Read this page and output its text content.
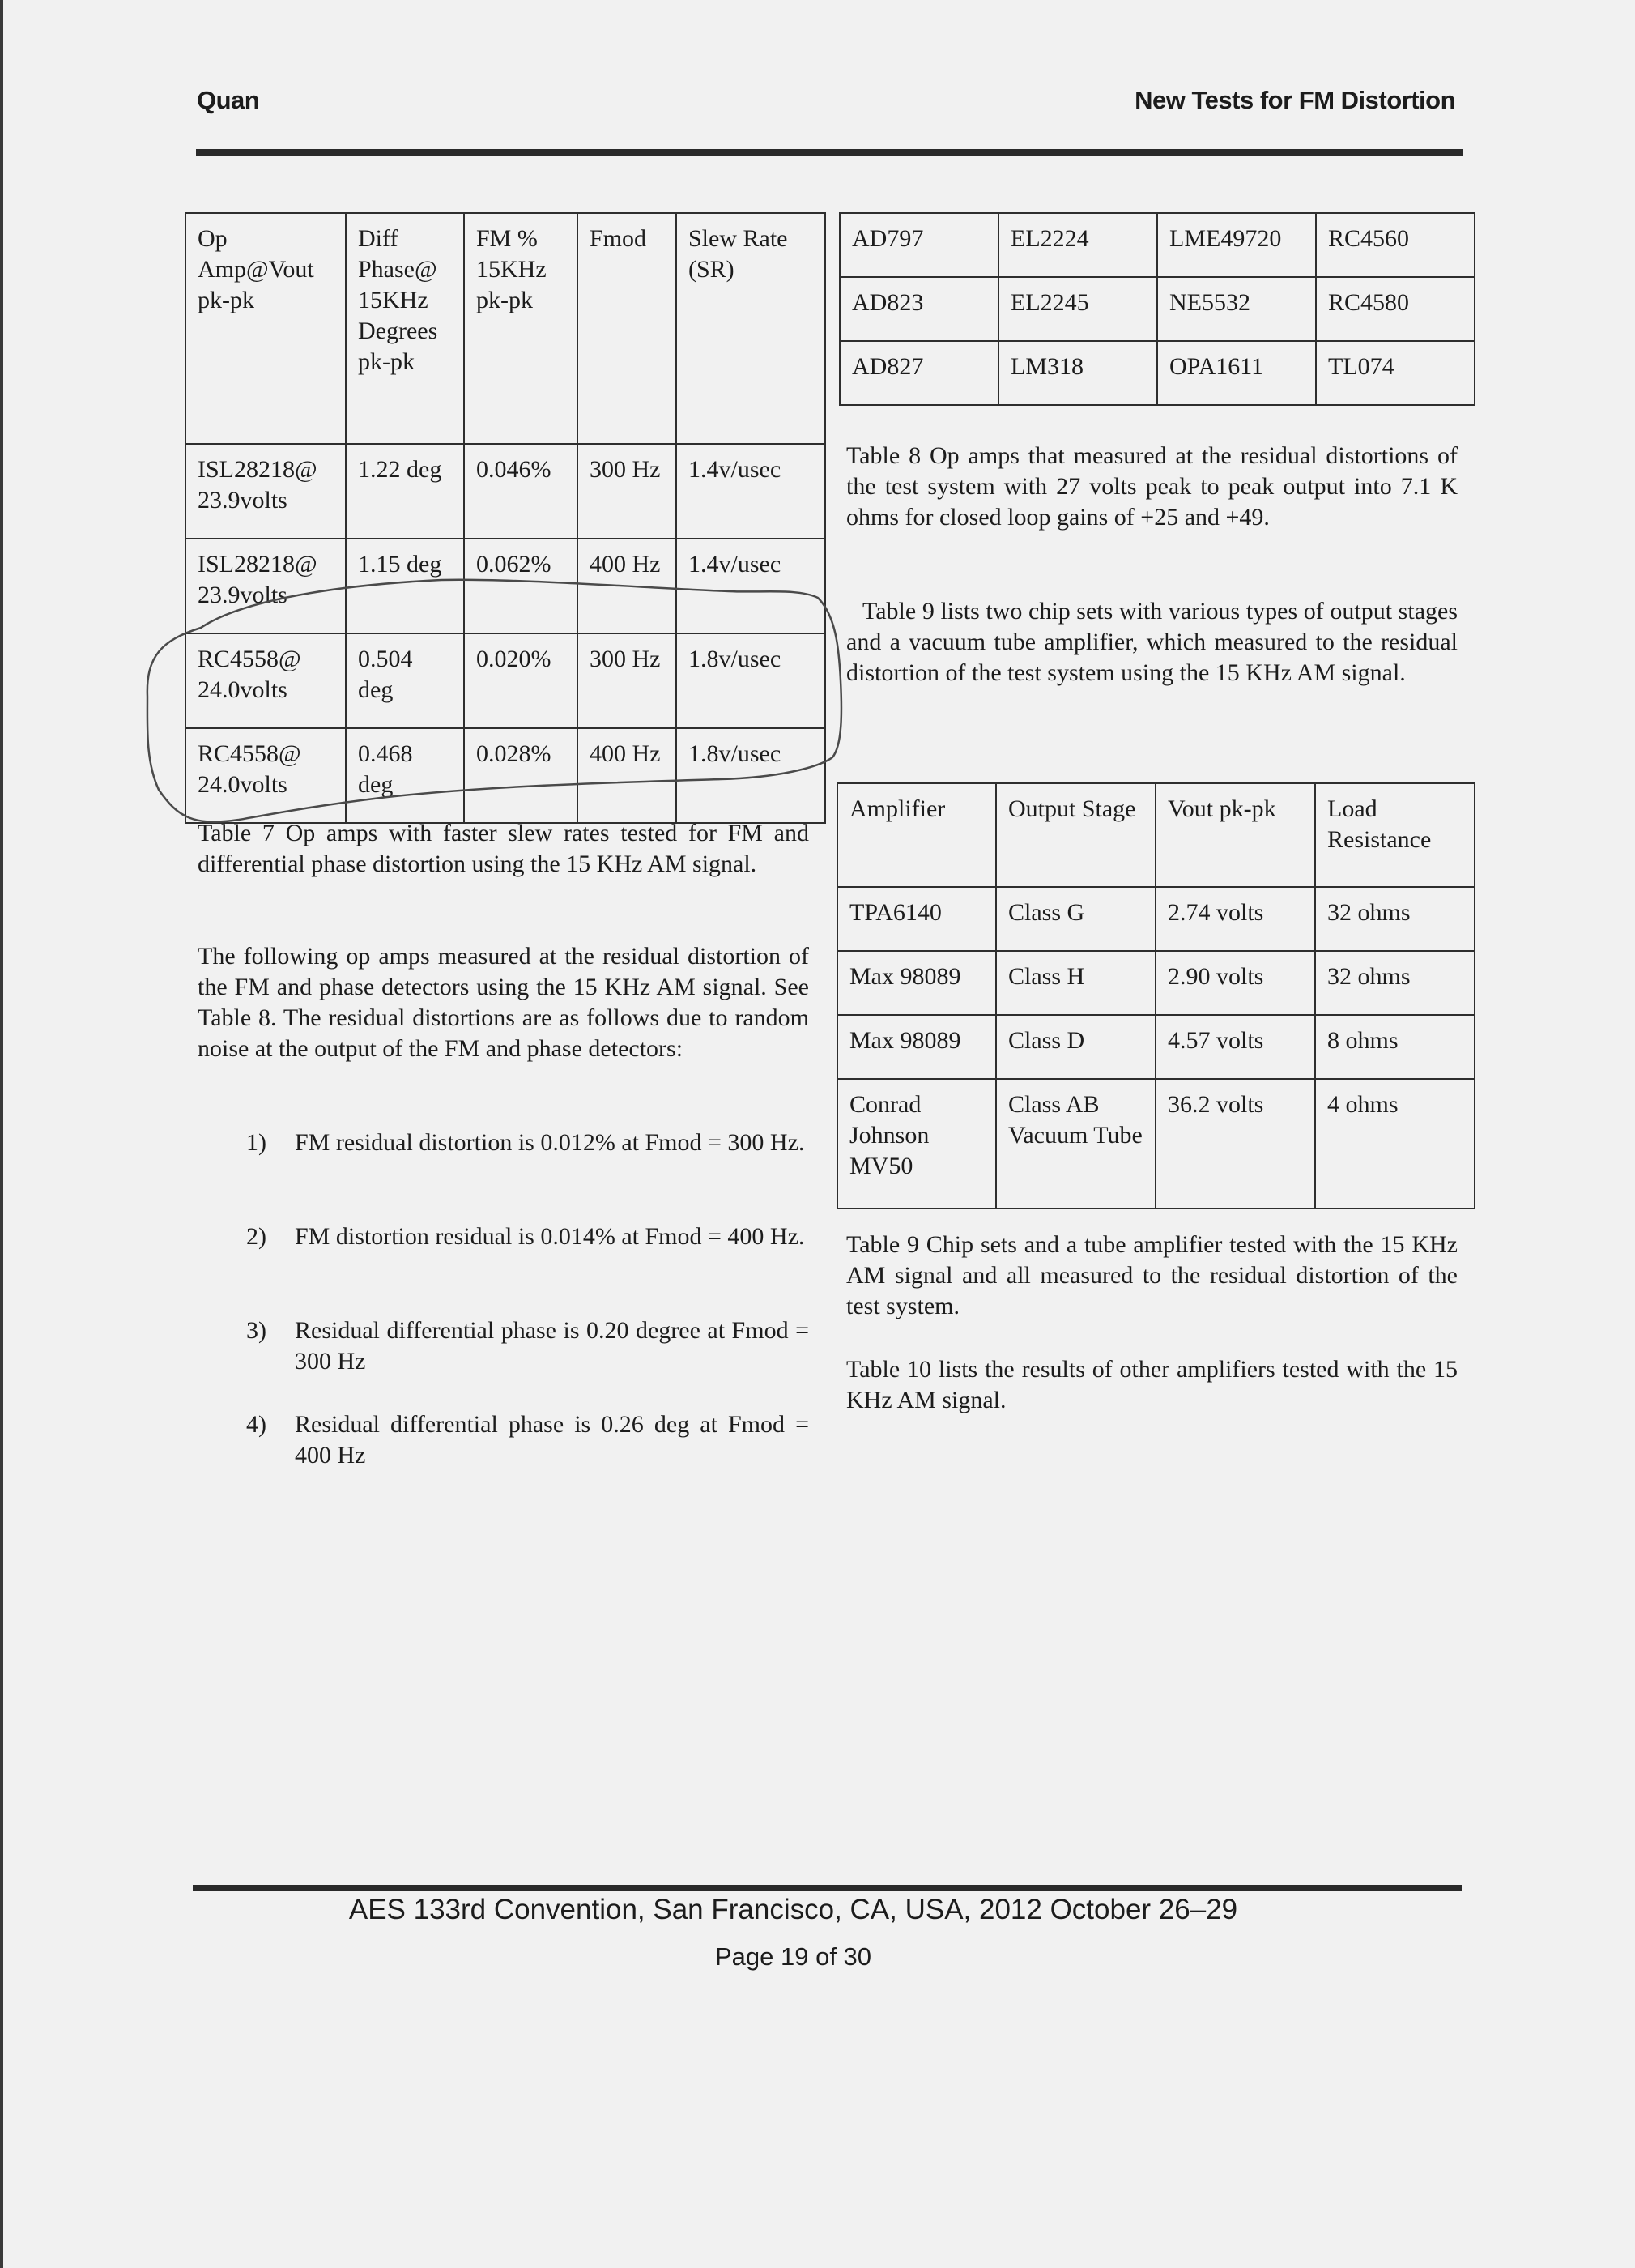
Quan	New Tests for FM Distortion
Op Amp@Vout pk-pk	Diff Phase@ 15KHz Degrees pk-pk	FM % 15KHz pk-pk	Fmod	Slew Rate (SR)
ISL28218@ 23.9volts	1.22 deg	0.046%	300 Hz	1.4v/usec
ISL28218@ 23.9volts	1.15 deg	0.062%	400 Hz	1.4v/usec
RC4558@ 24.0volts	0.504 deg	0.020%	300 Hz	1.8v/usec
RC4558@ 24.0volts	0.468 deg	0.028%	400 Hz	1.8v/usec
Table 7 Op amps with faster slew rates tested for FM and differential phase distortion using the 15 KHz AM signal.
The following op amps measured at the residual distortion of the FM and phase detectors using the 15 KHz AM signal. See Table 8. The residual distortions are as follows due to random noise at the output of the FM and phase detectors:
1) FM residual distortion is 0.012% at Fmod = 300 Hz.
2) FM distortion residual is 0.014% at Fmod = 400 Hz.
3) Residual differential phase is 0.20 degree at Fmod = 300 Hz
4) Residual differential phase is 0.26 deg at Fmod = 400 Hz
AD797	EL2224	LME49720	RC4560
AD823	EL2245	NE5532	RC4580
AD827	LM318	OPA1611	TL074
Table 8 Op amps that measured at the residual distortions of the test system with 27 volts peak to peak output into 7.1 K ohms for closed loop gains of +25 and +49.
Table 9 lists two chip sets with various types of output stages and a vacuum tube amplifier, which measured to the residual distortion of the test system using the 15 KHz AM signal.
Amplifier	Output Stage	Vout pk-pk	Load Resistance
TPA6140	Class G	2.74 volts	32 ohms
Max 98089	Class H	2.90 volts	32 ohms
Max 98089	Class D	4.57 volts	8 ohms
Conrad Johnson MV50	Class AB Vacuum Tube	36.2 volts	4 ohms
Table 9 Chip sets and a tube amplifier tested with the 15 KHz AM signal and all measured to the residual distortion of the test system.
Table 10 lists the results of other amplifiers tested with the 15 KHz AM signal.
AES 133rd Convention, San Francisco, CA, USA, 2012 October 26–29
Page 19 of 30
